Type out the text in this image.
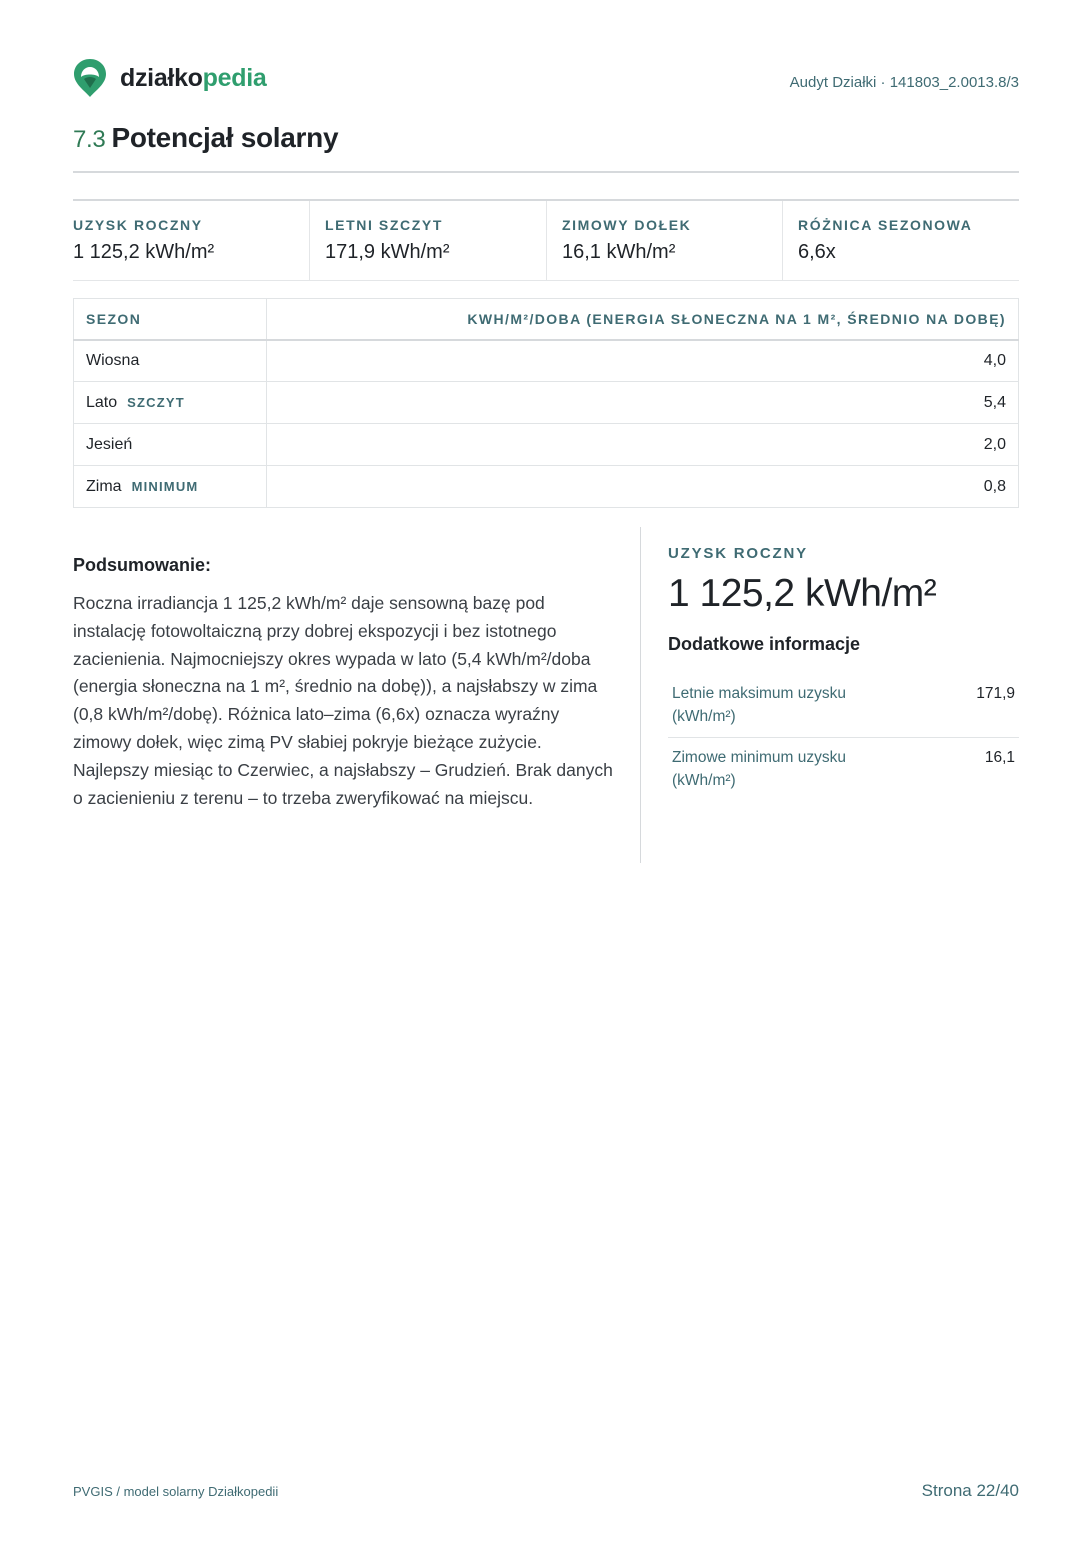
działkopedia	Audyt Działki · 141803_2.0013.8/3
7.3 Potencjał solarny
UZYSK ROCZNY
1 125,2 kWh/m²
LETNI SZCZYT
171,9 kWh/m²
ZIMOWY DOŁEK
16,1 kWh/m²
RÓŻNICA SEZONOWA
6,6x
SEZON	KWH/M²/DOBA (ENERGIA SŁONECZNA NA 1 M², ŚREDNIO NA DOBĘ)
Wiosna	4,0
Lato SZCZYT	5,4
Jesień	2,0
Zima MINIMUM	0,8
Podsumowanie:

Roczna irradiancja 1 125,2 kWh/m² daje sensowną bazę pod instalację fotowoltaiczną przy dobrej ekspozycji i bez istotnego zacienienia. Najmocniejszy okres wypada w lato (5,4 kWh/m²/doba (energia słoneczna na 1 m², średnio na dobę)), a najsłabszy w zima (0,8 kWh/m²/dobę). Różnica lato–zima (6,6x) oznacza wyraźny zimowy dołek, więc zimą PV słabiej pokryje bieżące zużycie. Najlepszy miesiąc to Czerwiec, a najsłabszy – Grudzień. Brak danych o zacienieniu z terenu – to trzeba zweryfikować na miejscu.

UZYSK ROCZNY
1 125,2 kWh/m²
Dodatkowe informacje
Letnie maksimum uzysku (kWh/m²)	171,9
Zimowe minimum uzysku (kWh/m²)	16,1
PVGIS / model solarny Działkopedii	Strona 22/40
